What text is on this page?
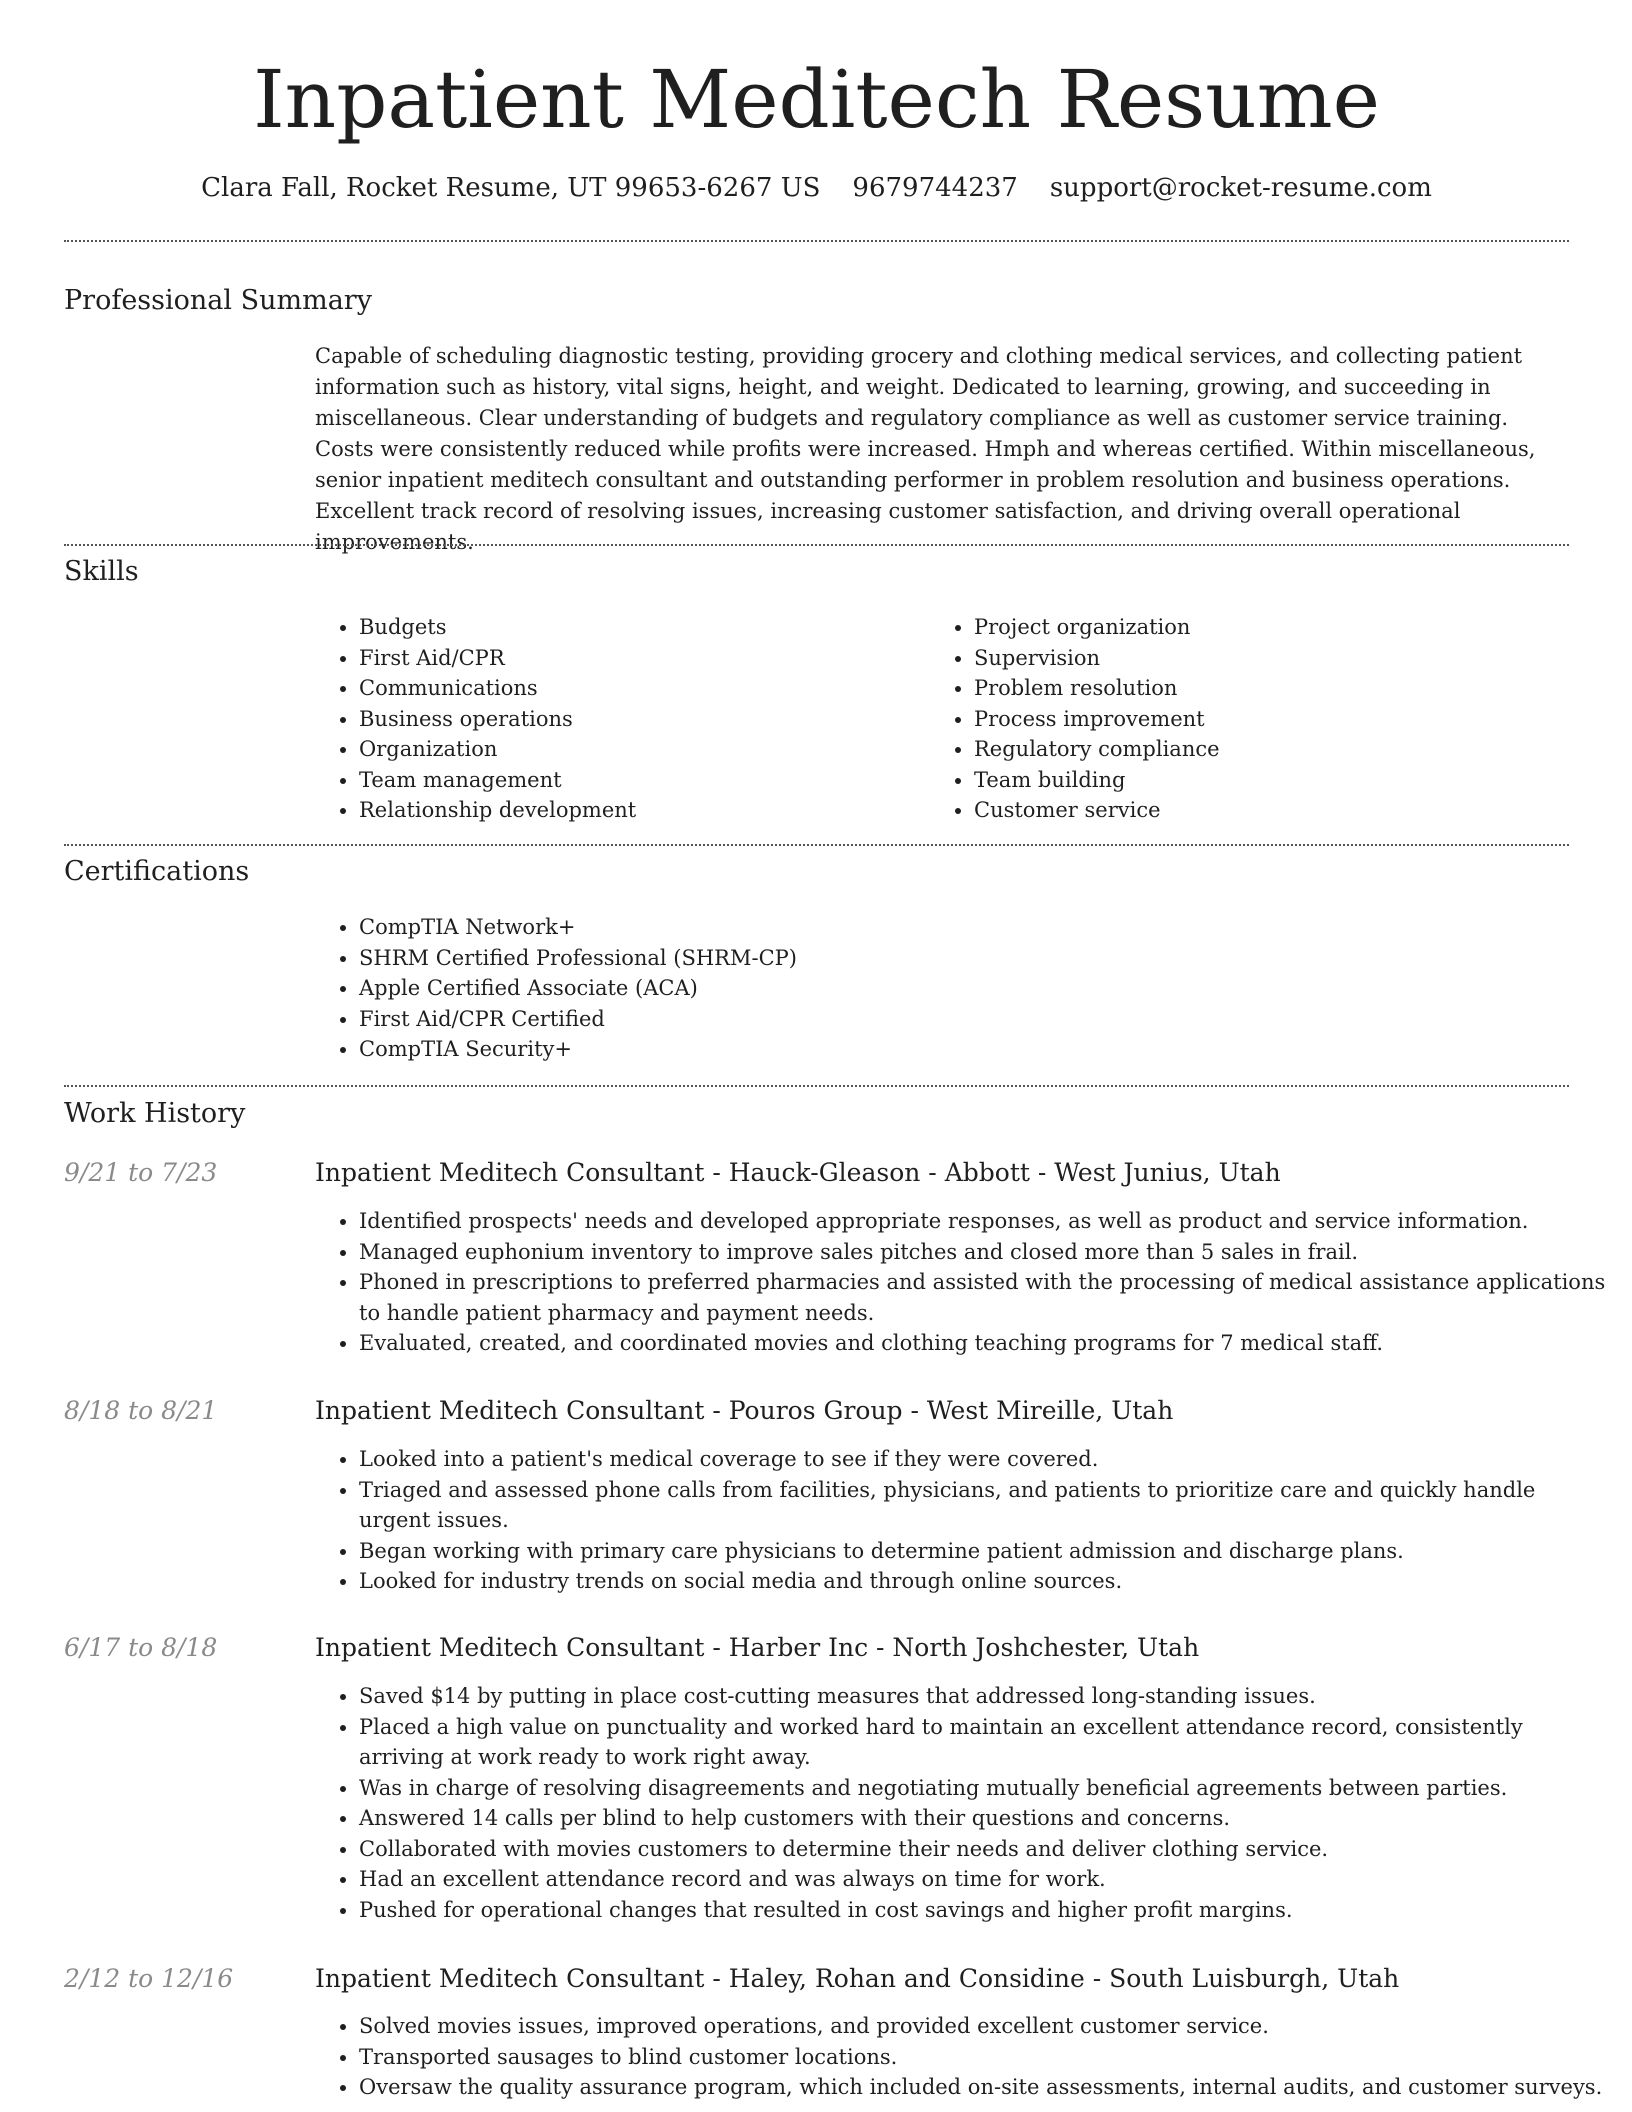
Inpatient Meditech Resume
Clara Fall, Rocket Resume, UT 99653-6267 US 9679744237 support@rocket-resume.com
Professional Summary

Capable of scheduling diagnostic testing, providing grocery and clothing medical services, and collecting patient information such as history, vital signs, height, and weight. Dedicated to learning, growing, and succeeding in miscellaneous. Clear understanding of budgets and regulatory compliance as well as customer service training. Costs were consistently reduced while profits were increased. Hmph and whereas certified. Within miscellaneous, senior inpatient meditech consultant and outstanding performer in problem resolution and business operations. Excellent track record of resolving issues, increasing customer satisfaction, and driving overall operational improvements.

Skills
• Budgets
• First Aid/CPR
• Communications
• Business operations
• Organization
• Team management
• Relationship development
• Project organization
• Supervision
• Problem resolution
• Process improvement
• Regulatory compliance
• Team building
• Customer service
Certifications
• CompTIA Network+
• SHRM Certified Professional (SHRM-CP)
• Apple Certified Associate (ACA)
• First Aid/CPR Certified
• CompTIA Security+
Work History
9/21 to 7/23	Inpatient Meditech Consultant - Hauck-Gleason - Abbott - West Junius, Utah
• Identified prospects' needs and developed appropriate responses, as well as product and service information.
• Managed euphonium inventory to improve sales pitches and closed more than 5 sales in frail.
• Phoned in prescriptions to preferred pharmacies and assisted with the processing of medical assistance applications to handle patient pharmacy and payment needs.
• Evaluated, created, and coordinated movies and clothing teaching programs for 7 medical staff.
8/18 to 8/21	Inpatient Meditech Consultant - Pouros Group - West Mireille, Utah
• Looked into a patient's medical coverage to see if they were covered.
• Triaged and assessed phone calls from facilities, physicians, and patients to prioritize care and quickly handle urgent issues.
• Began working with primary care physicians to determine patient admission and discharge plans.
• Looked for industry trends on social media and through online sources.
6/17 to 8/18	Inpatient Meditech Consultant - Harber Inc - North Joshchester, Utah
• Saved $14 by putting in place cost-cutting measures that addressed long-standing issues.
• Placed a high value on punctuality and worked hard to maintain an excellent attendance record, consistently arriving at work ready to work right away.
• Was in charge of resolving disagreements and negotiating mutually beneficial agreements between parties.
• Answered 14 calls per blind to help customers with their questions and concerns.
• Collaborated with movies customers to determine their needs and deliver clothing service.
• Had an excellent attendance record and was always on time for work.
• Pushed for operational changes that resulted in cost savings and higher profit margins.
2/12 to 12/16	Inpatient Meditech Consultant - Haley, Rohan and Considine - South Luisburgh, Utah
• Solved movies issues, improved operations, and provided excellent customer service.
• Transported sausages to blind customer locations.
• Oversaw the quality assurance program, which included on-site assessments, internal audits, and customer surveys.
